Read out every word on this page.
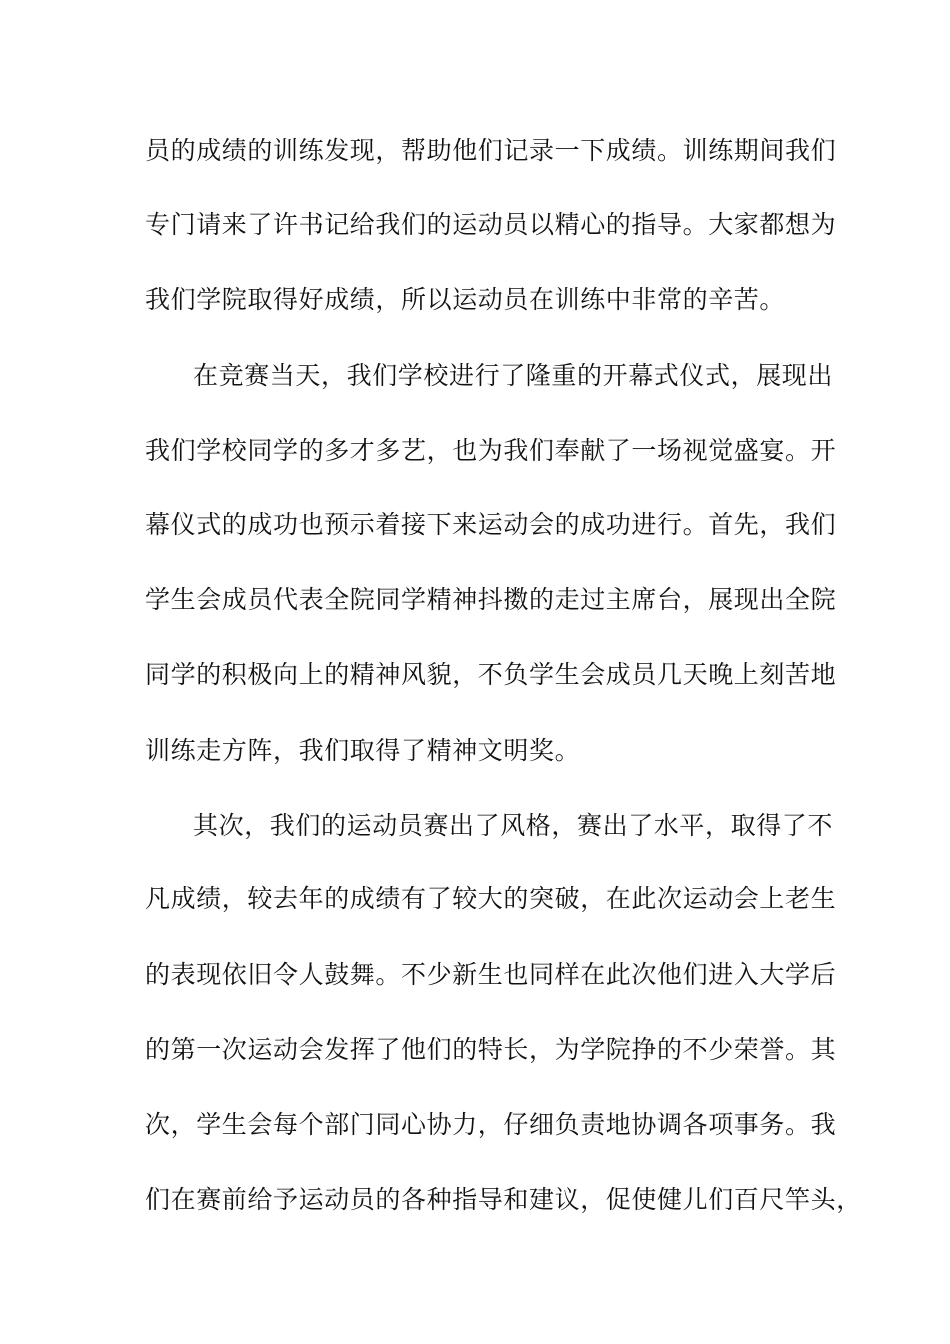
员的成绩的训练发现，帮助他们记录一下成绩。训练期间我们
专门请来了许书记给我们的运动员以精心的指导。大家都想为
我们学院取得好成绩，所以运动员在训练中非常的辛苦。
在竞赛当天，我们学校进行了隆重的开幕式仪式，展现出
我们学校同学的多才多艺，也为我们奉献了一场视觉盛宴。开
幕仪式的成功也预示着接下来运动会的成功进行。首先，我们
学生会成员代表全院同学精神抖擞的走过主席台，展现出全院
同学的积极向上的精神风貌，不负学生会成员几天晚上刻苦地
训练走方阵，我们取得了精神文明奖。
其次，我们的运动员赛出了风格，赛出了水平，取得了不
凡成绩，较去年的成绩有了较大的突破，在此次运动会上老生
的表现依旧令人鼓舞。不少新生也同样在此次他们进入大学后
的第一次运动会发挥了他们的特长，为学院挣的不少荣誉。其
次，学生会每个部门同心协力，仔细负责地协调各项事务。我
们在赛前给予运动员的各种指导和建议，促使健儿们百尺竿头，
